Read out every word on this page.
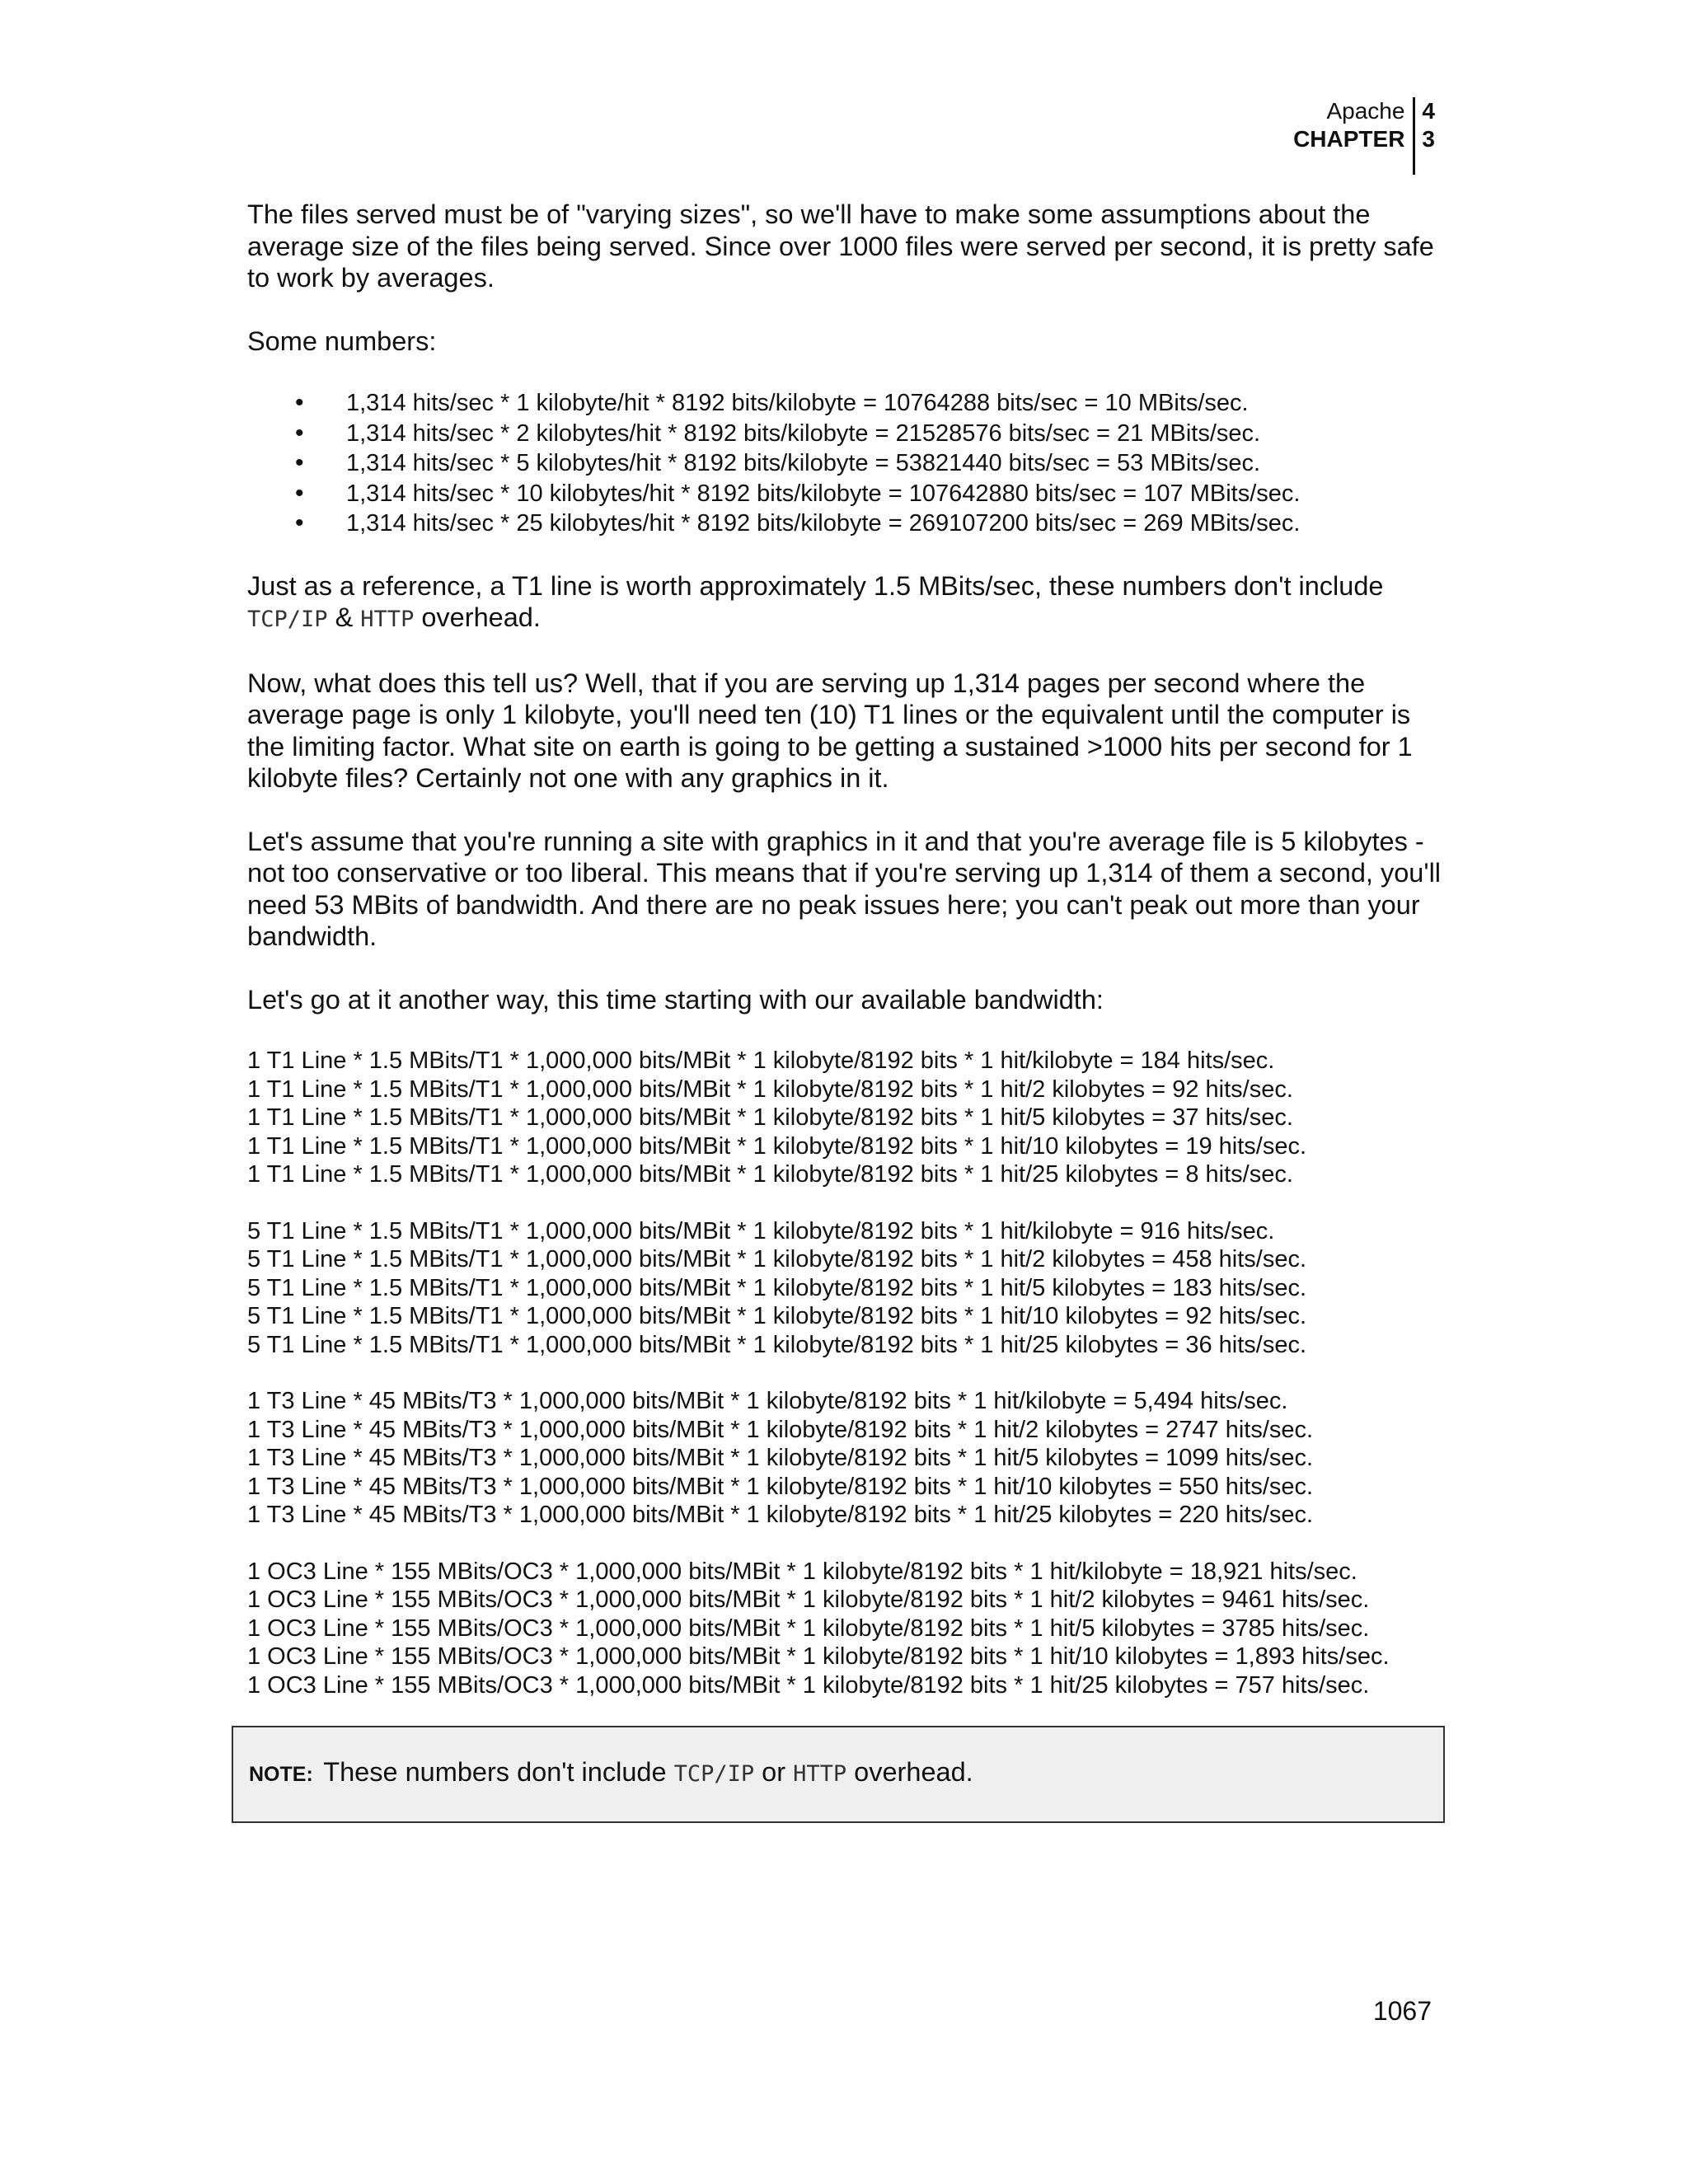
Apache
CHAPTER
4
3

The files served must be of "varying sizes", so we'll have to make some assumptions about the average size of the files being served. Since over 1000 files were served per second, it is pretty safe to work by averages.

Some numbers:

• 1,314 hits/sec * 1 kilobyte/hit * 8192 bits/kilobyte = 10764288 bits/sec = 10 MBits/sec.
• 1,314 hits/sec * 2 kilobytes/hit * 8192 bits/kilobyte = 21528576 bits/sec = 21 MBits/sec.
• 1,314 hits/sec * 5 kilobytes/hit * 8192 bits/kilobyte = 53821440 bits/sec = 53 MBits/sec.
• 1,314 hits/sec * 10 kilobytes/hit * 8192 bits/kilobyte = 107642880 bits/sec = 107 MBits/sec.
• 1,314 hits/sec * 25 kilobytes/hit * 8192 bits/kilobyte = 269107200 bits/sec = 269 MBits/sec.

Just as a reference, a T1 line is worth approximately 1.5 MBits/sec, these numbers don't include
TCP/IP & HTTP overhead.

Now, what does this tell us? Well, that if you are serving up 1,314 pages per second where the average page is only 1 kilobyte, you'll need ten (10) T1 lines or the equivalent until the computer is the limiting factor. What site on earth is going to be getting a sustained >1000 hits per second for 1 kilobyte files? Certainly not one with any graphics in it.

Let's assume that you're running a site with graphics in it and that you're average file is 5 kilobytes - not too conservative or too liberal. This means that if you're serving up 1,314 of them a second, you'll need 53 MBits of bandwidth. And there are no peak issues here; you can't peak out more than your bandwidth.

Let's go at it another way, this time starting with our available bandwidth:

1 T1 Line * 1.5 MBits/T1 * 1,000,000 bits/MBit * 1 kilobyte/8192 bits * 1 hit/kilobyte = 184 hits/sec.
1 T1 Line * 1.5 MBits/T1 * 1,000,000 bits/MBit * 1 kilobyte/8192 bits * 1 hit/2 kilobytes = 92 hits/sec.
1 T1 Line * 1.5 MBits/T1 * 1,000,000 bits/MBit * 1 kilobyte/8192 bits * 1 hit/5 kilobytes = 37 hits/sec.
1 T1 Line * 1.5 MBits/T1 * 1,000,000 bits/MBit * 1 kilobyte/8192 bits * 1 hit/10 kilobytes = 19 hits/sec.
1 T1 Line * 1.5 MBits/T1 * 1,000,000 bits/MBit * 1 kilobyte/8192 bits * 1 hit/25 kilobytes = 8 hits/sec.
5 T1 Line * 1.5 MBits/T1 * 1,000,000 bits/MBit * 1 kilobyte/8192 bits * 1 hit/kilobyte = 916 hits/sec.
5 T1 Line * 1.5 MBits/T1 * 1,000,000 bits/MBit * 1 kilobyte/8192 bits * 1 hit/2 kilobytes = 458 hits/sec.
5 T1 Line * 1.5 MBits/T1 * 1,000,000 bits/MBit * 1 kilobyte/8192 bits * 1 hit/5 kilobytes = 183 hits/sec.
5 T1 Line * 1.5 MBits/T1 * 1,000,000 bits/MBit * 1 kilobyte/8192 bits * 1 hit/10 kilobytes = 92 hits/sec.
5 T1 Line * 1.5 MBits/T1 * 1,000,000 bits/MBit * 1 kilobyte/8192 bits * 1 hit/25 kilobytes = 36 hits/sec.
1 T3 Line * 45 MBits/T3 * 1,000,000 bits/MBit * 1 kilobyte/8192 bits * 1 hit/kilobyte = 5,494 hits/sec.
1 T3 Line * 45 MBits/T3 * 1,000,000 bits/MBit * 1 kilobyte/8192 bits * 1 hit/2 kilobytes = 2747 hits/sec.
1 T3 Line * 45 MBits/T3 * 1,000,000 bits/MBit * 1 kilobyte/8192 bits * 1 hit/5 kilobytes = 1099 hits/sec.
1 T3 Line * 45 MBits/T3 * 1,000,000 bits/MBit * 1 kilobyte/8192 bits * 1 hit/10 kilobytes = 550 hits/sec.
1 T3 Line * 45 MBits/T3 * 1,000,000 bits/MBit * 1 kilobyte/8192 bits * 1 hit/25 kilobytes = 220 hits/sec.
1 OC3 Line * 155 MBits/OC3 * 1,000,000 bits/MBit * 1 kilobyte/8192 bits * 1 hit/kilobyte = 18,921 hits/sec.
1 OC3 Line * 155 MBits/OC3 * 1,000,000 bits/MBit * 1 kilobyte/8192 bits * 1 hit/2 kilobytes = 9461 hits/sec.
1 OC3 Line * 155 MBits/OC3 * 1,000,000 bits/MBit * 1 kilobyte/8192 bits * 1 hit/5 kilobytes = 3785 hits/sec.
1 OC3 Line * 155 MBits/OC3 * 1,000,000 bits/MBit * 1 kilobyte/8192 bits * 1 hit/10 kilobytes = 1,893 hits/sec.
1 OC3 Line * 155 MBits/OC3 * 1,000,000 bits/MBit * 1 kilobyte/8192 bits * 1 hit/25 kilobytes = 757 hits/sec.
NOTE: These numbers don't include TCP/IP or HTTP overhead.
1067
